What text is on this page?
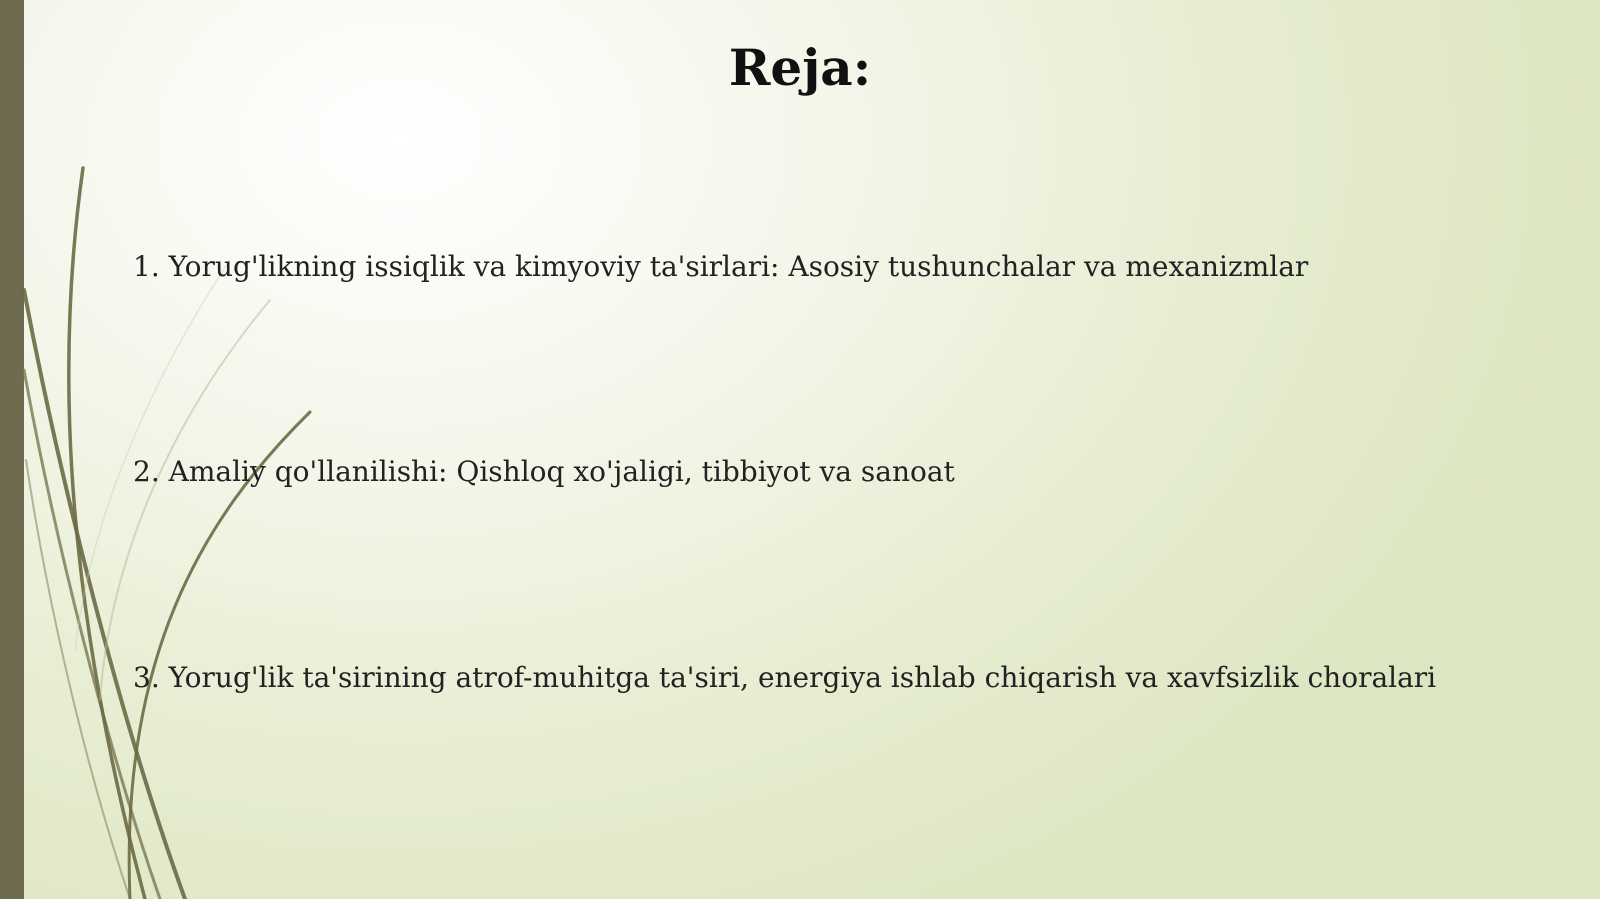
Reja:
1. Yorug'likning issiqlik va kimyoviy ta'sirlari: Asosiy tushunchalar va mexanizmlar
2. Amaliy qo'llanilishi: Qishloq xo'jaligi, tibbiyot va sanoat
3. Yorug'lik ta'sirining atrof-muhitga ta'siri, energiya ishlab chiqarish va xavfsizlik choralari
